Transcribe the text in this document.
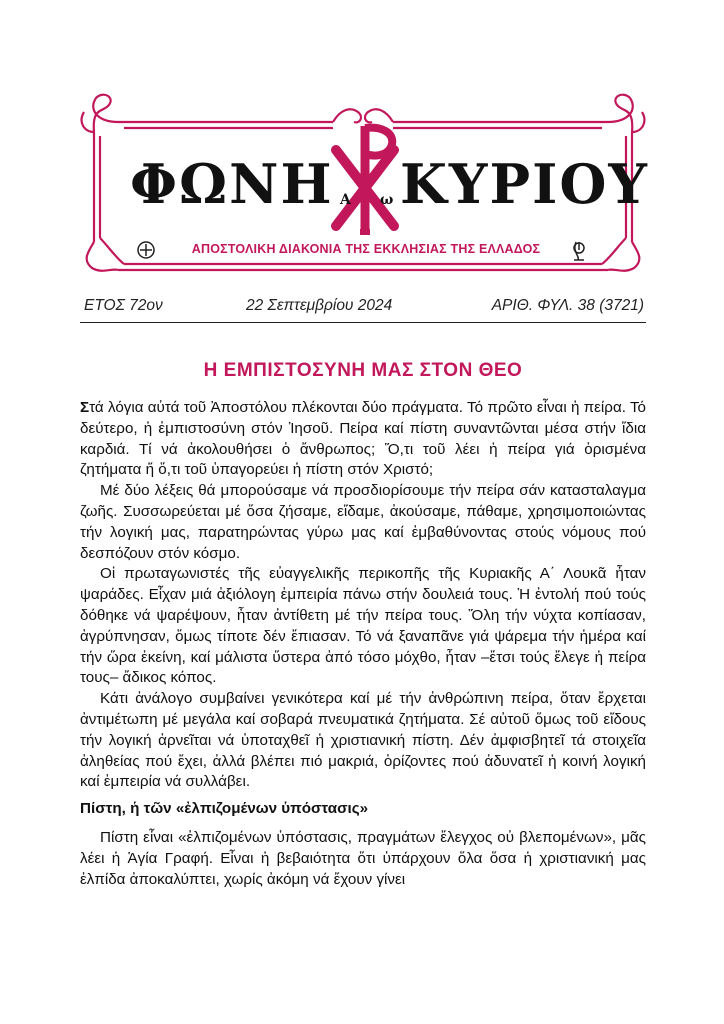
ΦΩΝΗ ΚΥΡΙΟΥ
Α ω
ΑΠΟΣΤΟΛΙΚΗ ΔΙΑΚΟΝΙΑ ΤΗΣ ΕΚΚΛΗΣΙΑΣ ΤΗΣ ΕΛΛΑΔΟΣ
ΕΤΟΣ 72ον	22 Σεπτεμβρίου 2024	ΑΡΙΘ. ΦΥΛ. 38 (3721)
Η ΕΜΠΙΣΤΟΣΥΝΗ ΜΑΣ ΣΤΟΝ ΘΕΟ

Στά λόγια αὐτά τοῦ Ἀποστόλου πλέκονται δύο πράγματα. Τό πρῶτο εἶναι ἡ πείρα. Τό δεύτερο, ἡ ἐμπιστοσύνη στόν Ἰησοῦ. Πείρα καί πίστη συναντῶνται μέσα στήν ἴδια καρδιά. Τί νά ἀκολουθήσει ὁ ἄνθρωπος; Ὅ,τι τοῦ λέει ἡ πείρα γιά ὁρισμένα ζητήματα ἤ ὅ,τι τοῦ ὑπαγορεύει ἡ πίστη στόν Χριστό;

Μέ δύο λέξεις θά μπορούσαμε νά προσδιορίσουμε τήν πείρα σάν κατασταλαγμα ζωῆς. Συσσωρεύεται μέ ὅσα ζήσαμε, εἴδαμε, ἀκούσαμε, πάθαμε, χρησιμοποιώντας τήν λογική μας, παρατηρώντας γύρω μας καί ἐμβαθύνοντας στούς νόμους πού δεσπόζουν στόν κόσμο.

Οἱ πρωταγωνιστές τῆς εὐαγγελικῆς περικοπῆς τῆς Κυριακῆς Α΄ Λουκᾶ ἦταν ψαράδες. Εἶχαν μιά ἀξιόλογη ἐμπειρία πάνω στήν δουλειά τους. Ἡ ἐντολή πού τούς δόθηκε νά ψαρέψουν, ἦταν ἀντίθετη μέ τήν πείρα τους. Ὅλη τήν νύχτα κοπίασαν, ἀγρύπνησαν, ὅμως τίποτε δέν ἔπιασαν. Τό νά ξαναπᾶνε γιά ψάρεμα τήν ἡμέρα καί τήν ὥρα ἐκείνη, καί μάλιστα ὕστερα ἀπό τόσο μόχθο, ἦταν –ἔτσι τούς ἔλεγε ἡ πείρα τους– ἄδικος κόπος.

Κάτι ἀνάλογο συμβαίνει γενικότερα καί μέ τήν ἀνθρώπινη πείρα, ὅταν ἔρχεται ἀντιμέτωπη μέ μεγάλα καί σοβαρά πνευματικά ζητήματα. Σέ αὐτοῦ ὅμως τοῦ εἴδους τήν λογική ἀρνεῖται νά ὑποταχθεῖ ἡ χριστιανική πίστη. Δέν ἀμφισβητεῖ τά στοιχεῖα ἀληθείας πού ἔχει, ἀλλά βλέπει πιό μακριά, ὁρίζοντες πού ἀδυνατεῖ ἡ κοινή λογική καί ἐμπειρία νά συλλάβει.

Πίστη, ἡ τῶν «ἐλπιζομένων ὑπόστασις»

Πίστη εἶναι «ἐλπιζομένων ὑπόστασις, πραγμάτων ἔλεγχος οὐ βλεπομένων», μᾶς λέει ἡ Ἁγία Γραφή. Εἶναι ἡ βεβαιότητα ὅτι ὑπάρχουν ὅλα ὅσα ἡ χριστιανική μας ἐλπίδα ἀποκαλύπτει, χωρίς ἀκόμη νά ἔχουν γίνει
